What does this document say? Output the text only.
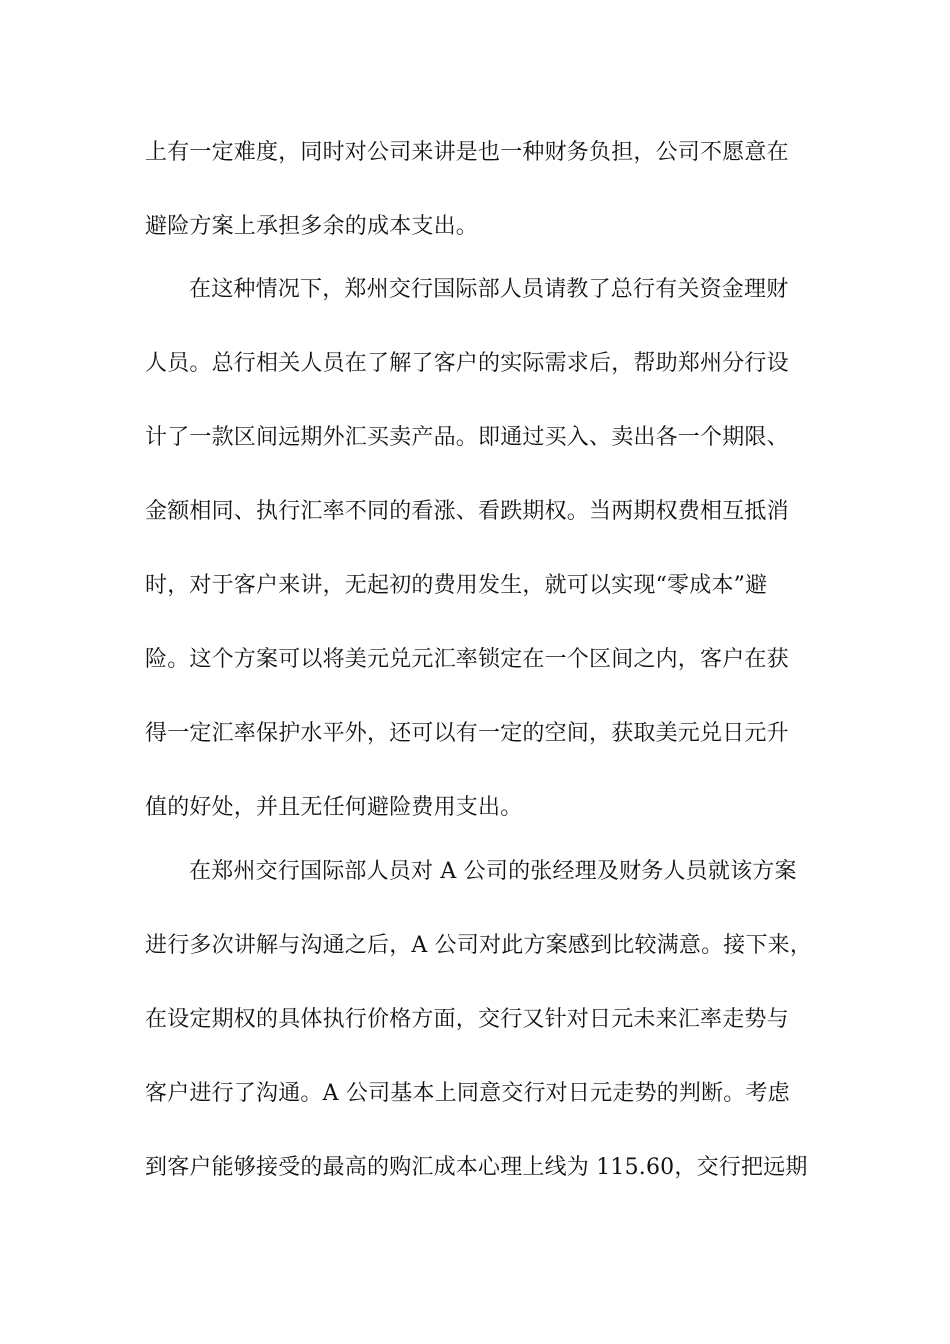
上有一定难度，同时对公司来讲是也一种财务负担，公司不愿意在
避险方案上承担多余的成本支出。
在这种情况下，郑州交行国际部人员请教了总行有关资金理财
人员。总行相关人员在了解了客户的实际需求后，帮助郑州分行设
计了一款区间远期外汇买卖产品。即通过买入、卖出各一个期限、
金额相同、执行汇率不同的看涨、看跌期权。当两期权费相互抵消
时，对于客户来讲，无起初的费用发生，就可以实现“零成本”避
险。这个方案可以将美元兑元汇率锁定在一个区间之内，客户在获
得一定汇率保护水平外，还可以有一定的空间，获取美元兑日元升
值的好处，并且无任何避险费用支出。
在郑州交行国际部人员对 A 公司的张经理及财务人员就该方案
进行多次讲解与沟通之后，A 公司对此方案感到比较满意。接下来，
在设定期权的具体执行价格方面，交行又针对日元未来汇率走势与
客户进行了沟通。A 公司基本上同意交行对日元走势的判断。考虑
到客户能够接受的最高的购汇成本心理上线为 115.60，交行把远期
